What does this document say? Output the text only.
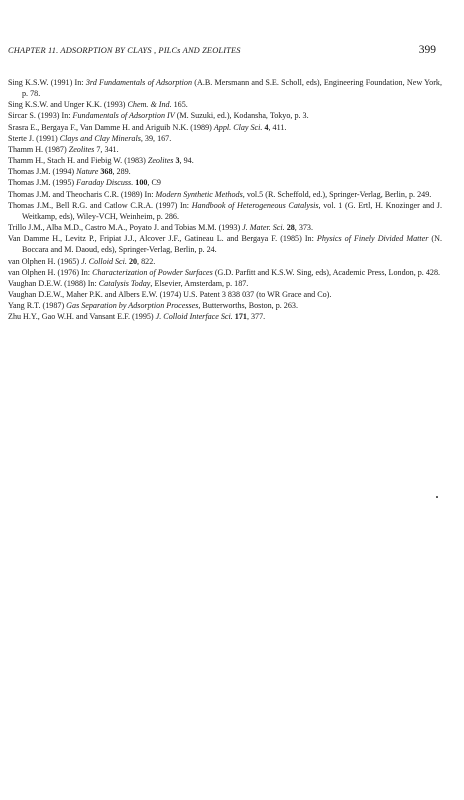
CHAPTER 11. ADSORPTION BY CLAYS , PILCs AND ZEOLITES	399

Sing K.S.W. (1991) In: 3rd Fundamentals of Adsorption (A.B. Mersmann and S.E. Scholl, eds), Engineering Foundation, New York, p. 78.

Sing K.S.W. and Unger K.K. (1993) Chem. & Ind. 165.

Sircar S. (1993) In: Fundamentals of Adsorption IV (M. Suzuki, ed.), Kodansha, Tokyo, p. 3.

Srasra E., Bergaya F., Van Damme H. and Ariguib N.K. (1989) Appl. Clay Sci. 4, 411.

Sterte J. (1991) Clays and Clay Minerals, 39, 167.

Thamm H. (1987) Zeolites 7, 341.

Thamm H., Stach H. and Fiebig W. (1983) Zeolites 3, 94.

Thomas J.M. (1994) Nature 368, 289.

Thomas J.M. (1995) Faraday Discuss. 100, C9

Thomas J.M. and Theocharis C.R. (1989) In: Modern Synthetic Methods, vol.5 (R. Scheffold, ed.), Springer-Verlag, Berlin, p. 249.

Thomas J.M., Bell R.G. and Catlow C.R.A. (1997) In: Handbook of Heterogeneous Catalysis, vol. 1 (G. Ertl, H. Knozinger and J. Weitkamp, eds), Wiley-VCH, Weinheim, p. 286.

Trillo J.M., Alba M.D., Castro M.A., Poyato J. and Tobias M.M. (1993) J. Mater. Sci. 28, 373.

Van Damme H., Levitz P., Fripiat J.J., Alcover J.F., Gatineau L. and Bergaya F. (1985) In: Physics of Finely Divided Matter (N. Boccara and M. Daoud, eds), Springer-Verlag, Berlin, p. 24.

van Olphen H. (1965) J. Colloid Sci. 20, 822.

van Olphen H. (1976) In: Characterization of Powder Surfaces (G.D. Parfitt and K.S.W. Sing, eds), Academic Press, London, p. 428.

Vaughan D.E.W. (1988) In: Catalysis Today, Elsevier, Amsterdam, p. 187.

Vaughan D.E.W., Maher P.K. and Albers E.W. (1974) U.S. Patent 3 838 037 (to WR Grace and Co).

Yang R.T. (1987) Gas Separation by Adsorption Processes, Butterworths, Boston, p. 263.

Zhu H.Y., Gao W.H. and Vansant E.F. (1995) J. Colloid Interface Sci. 171, 377.
